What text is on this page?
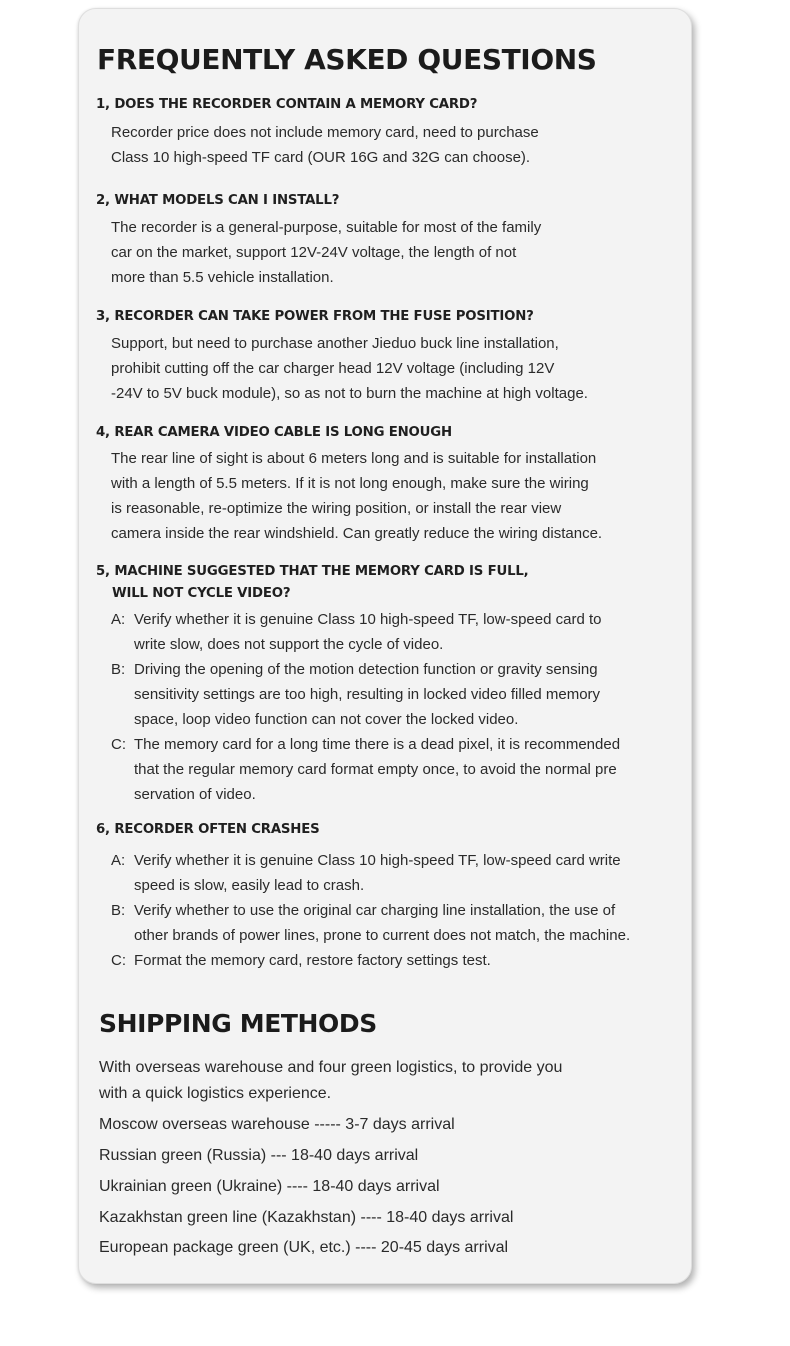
FREQUENTLY ASKED QUESTIONS
1, DOES THE RECORDER CONTAIN A MEMORY CARD?
Recorder price does not include memory card, need to purchase
Class 10 high-speed TF card (OUR 16G and 32G can choose).
2, WHAT MODELS CAN I INSTALL?
The recorder is a general-purpose, suitable for most of the family
car on the market, support 12V-24V voltage, the length of not
more than 5.5 vehicle installation.
3, RECORDER CAN TAKE POWER FROM THE FUSE POSITION?
Support, but need to purchase another Jieduo buck line installation,
prohibit cutting off the car charger head 12V voltage (including 12V
-24V to 5V buck module), so as not to burn the machine at high voltage.
4, REAR CAMERA VIDEO CABLE IS LONG ENOUGH
The rear line of sight is about 6 meters long and is suitable for installation
with a length of 5.5 meters. If it is not long enough, make sure the wiring
is reasonable, re-optimize the wiring position, or install the rear view
camera inside the rear windshield. Can greatly reduce the wiring distance.
5, MACHINE SUGGESTED THAT THE MEMORY CARD IS FULL,
WILL NOT CYCLE VIDEO?
A: Verify whether it is genuine Class 10 high-speed TF, low-speed card to
write slow, does not support the cycle of video.
B: Driving the opening of the motion detection function or gravity sensing
sensitivity settings are too high, resulting in locked video filled memory
space, loop video function can not cover the locked video.
C: The memory card for a long time there is a dead pixel, it is recommended
that the regular memory card format empty once, to avoid the normal pre
servation of video.
6, RECORDER OFTEN CRASHES
A: Verify whether it is genuine Class 10 high-speed TF, low-speed card write
speed is slow, easily lead to crash.
B: Verify whether to use the original car charging line installation, the use of
other brands of power lines, prone to current does not match, the machine.
C: Format the memory card, restore factory settings test.
SHIPPING METHODS
With overseas warehouse and four green logistics, to provide you
with a quick logistics experience.
Moscow overseas warehouse ----- 3-7 days arrival
Russian green (Russia) --- 18-40 days arrival
Ukrainian green (Ukraine) ---- 18-40 days arrival
Kazakhstan green line (Kazakhstan) ---- 18-40 days arrival
European package green (UK, etc.) ---- 20-45 days arrival
